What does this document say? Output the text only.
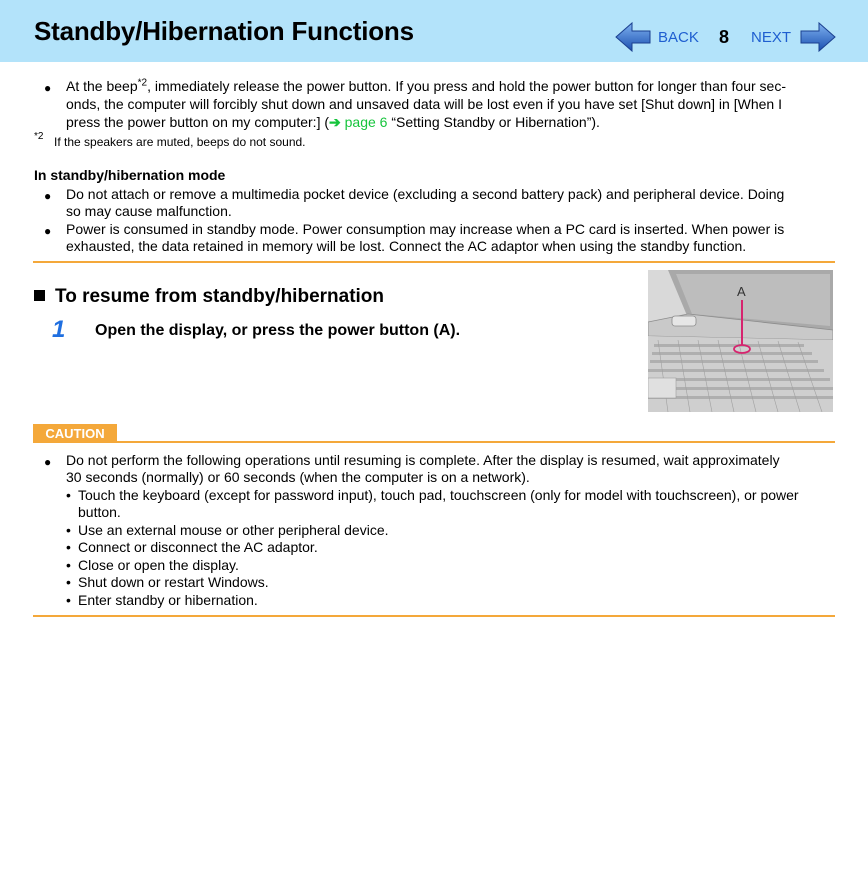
Standby/Hibernation Functions	BACK 8 NEXT
● At the beep$^{*2}$, immediately release the power button. If you press and hold the power button for longer than four sec-
onds, the computer will forcibly shut down and unsaved data will be lost even if you have set [Shut down] in [When I
press the power button on my computer:] (➔ page 6 “Setting Standby or Hibernation”).
*2 If the speakers are muted, beeps do not sound.
In standby/hibernation mode
● Do not attach or remove a multimedia pocket device (excluding a second battery pack) and peripheral device. Doing
so may cause malfunction.
● Power is consumed in standby mode. Power consumption may increase when a PC card is inserted. When power is
exhausted, the data retained in memory will be lost. Connect the AC adaptor when using the standby function.
To resume from standby/hibernation
1 Open the display, or press the power button (A).
A
CAUTION
● Do not perform the following operations until resuming is complete. After the display is resumed, wait approximately
30 seconds (normally) or 60 seconds (when the computer is on a network).
• Touch the keyboard (except for password input), touch pad, touchscreen (only for model with touchscreen), or power
button.
• Use an external mouse or other peripheral device.
• Connect or disconnect the AC adaptor.
• Close or open the display.
• Shut down or restart Windows.
• Enter standby or hibernation.
